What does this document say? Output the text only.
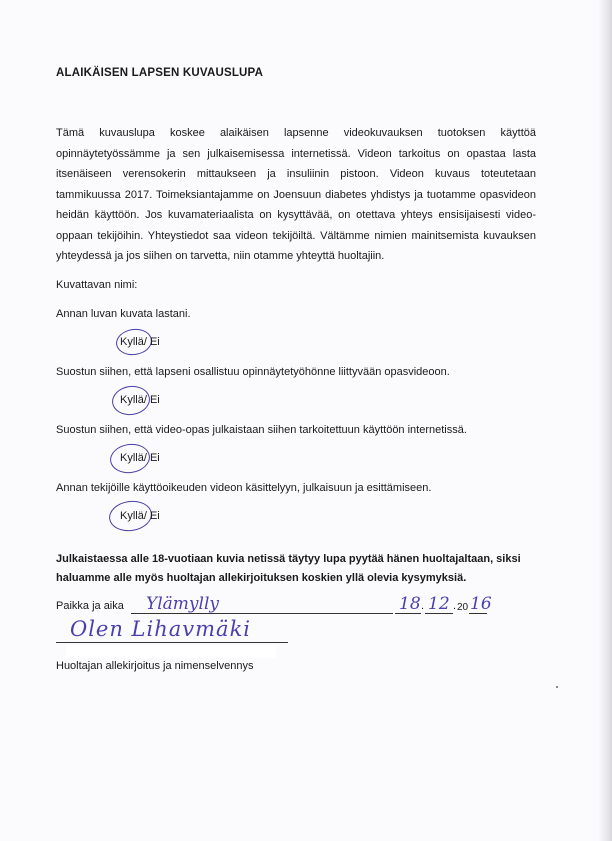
ALAIKÄISEN LAPSEN KUVAUSLUPA
Tämä kuvauslupa koskee alaikäisen lapsenne videokuvauksen tuotoksen käyttöä opinnäytetyössämme ja sen julkaisemisessa internetissä. Videon tarkoitus on opastaa lasta itsenäiseen verensokerin mittaukseen ja insuliinin pistoon. Videon kuvaus toteutetaan tammikuussa 2017. Toimeksiantajamme on Joensuun diabetes yhdistys ja tuotamme opasvideon heidän käyttöön. Jos kuvamateriaalista on kysyttävää, on otettava yhteys ensisijaisesti video-oppaan tekijöihin. Yhteystiedot saa videon tekijöiltä. Vältämme nimien mainitsemista kuvauksen yhteydessä ja jos siihen on tarvetta, niin otamme yhteyttä huoltajiin.
Kuvattavan nimi:
Annan luvan kuvata lastani.
Kyllä/ Ei
Suostun siihen, että lapseni osallistuu opinnäytetyöhönne liittyvään opasvideoon.
Kyllä/ Ei
Suostun siihen, että video-opas julkaistaan siihen tarkoitettuun käyttöön internetissä.
Kyllä/ Ei
Annan tekijöille käyttöoikeuden videon käsittelyyn, julkaisuun ja esittämiseen.
Kyllä/ Ei
Julkaistaessa alle 18-vuotiaan kuvia netissä täytyy lupa pyytää hänen huoltajaltaan, siksi haluamme alle myös huoltajan allekirjoituksen koskien yllä olevia kysymyksiä.
Paikka ja aika Ylämylly	18 . 12 . 20 16
Olen Lihavmäki
Huoltajan allekirjoitus ja nimenselvennys
